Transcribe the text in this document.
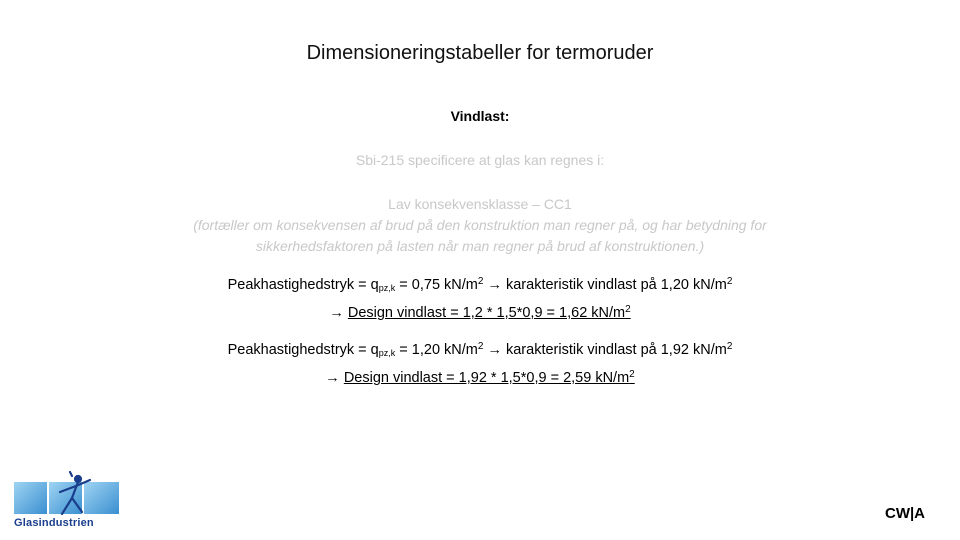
Dimensioneringstabeller for termoruder
Vindlast:
Sbi-215 specificere at glas kan regnes i:
Lav konsekvensklasse – CC1
(fortæller om konsekvensen af brud på den konstruktion man regner på, og har betydning for
sikkerhedsfaktoren på lasten når man regner på brud af konstruktionen.)
Peakhastighedstryk = $q_{pz,k} = 0,75$ $kN/m^2$ → karakteristik vindlast på 1,20 $kN/m^2$
→ Design vindlast = 1,2 * 1,5*0,9 = 1,62 $kN/m^2$
Peakhastighedstryk = $q_{pz,k} = 1,20$ $kN/m^2$ → karakteristik vindlast på 1,92 $kN/m^2$
→ Design vindlast = 1,92 * 1,5*0,9 = 2,59 $kN/m^2$
Glasindustrien
CW|A
